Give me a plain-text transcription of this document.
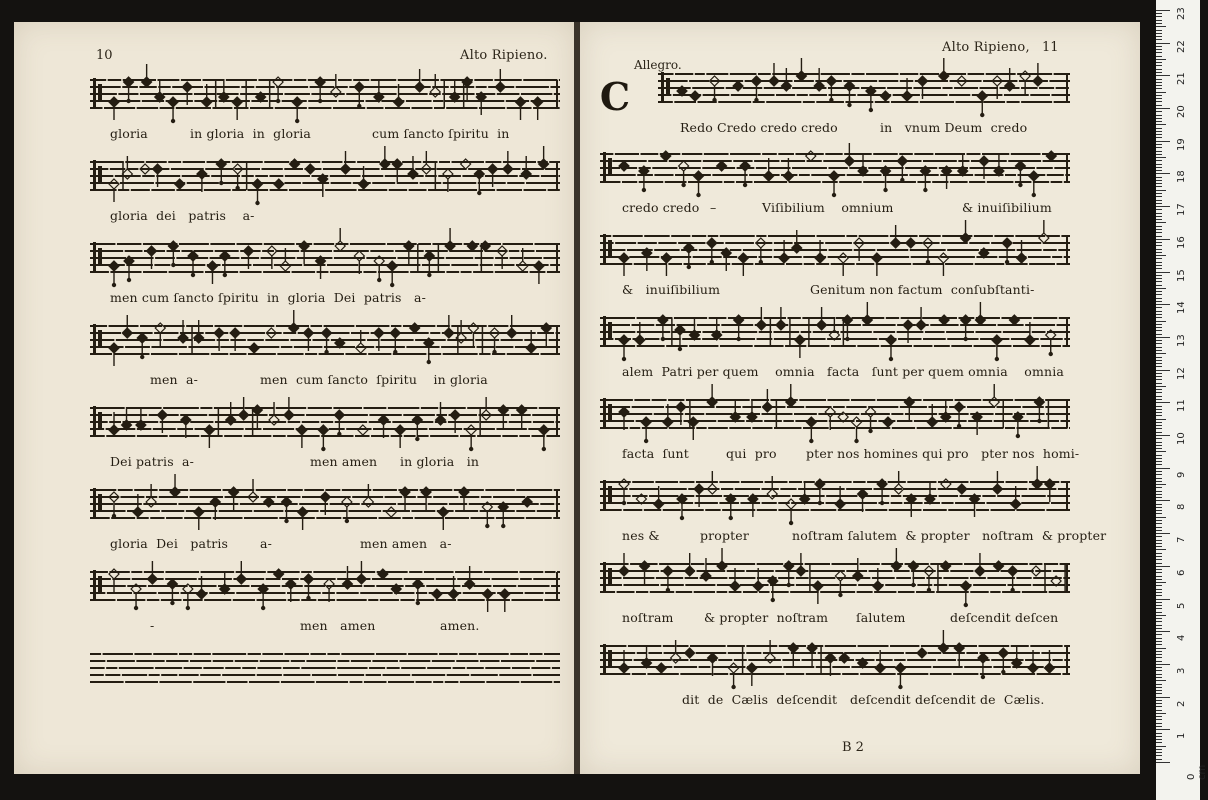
10	Alto Ripieno.
gloria	in gloria  in  gloria	cum ſancto ſpiritu  in
gloria  dei   patris    a-
men cum ſancto ſpiritu  in  gloria  Dei  patris   a-
men  a-	men  cum ſancto  ſpiritu    in gloria
Dei patris  a-	men amen in gloria   in
gloria  Dei   patris	a-	men amen   a-
-	men   amen	amen.
Alto Ripieno, 11
Allegro.
C
B 2
Redo Credo credo credo	in   vnum Deum  credo
credo credo –	Viſibilium    omnium	& inuiſibilium
&   inuiſibilium	Genitum non factum  conſubſtanti-
alem  Patri per quem    omnia   facta   ſunt per quem omnia    omnia
facta  ſunt	qui  pro pter nos homines qui pro   pter nos  homi-
nes &	propter	noſtram ſalutem  & propter   noſtram  & propter
noſtram & propter  noſtram ſalutem	deſcendit deſcen
dit  de  Cælis  deſcendit deſcendit deſcendit de  Cælis.
1
2
3
4
5
6
7
8
9
10
11
12
13
14
15
16
17
18
19
20
21
22
23
0 cm
